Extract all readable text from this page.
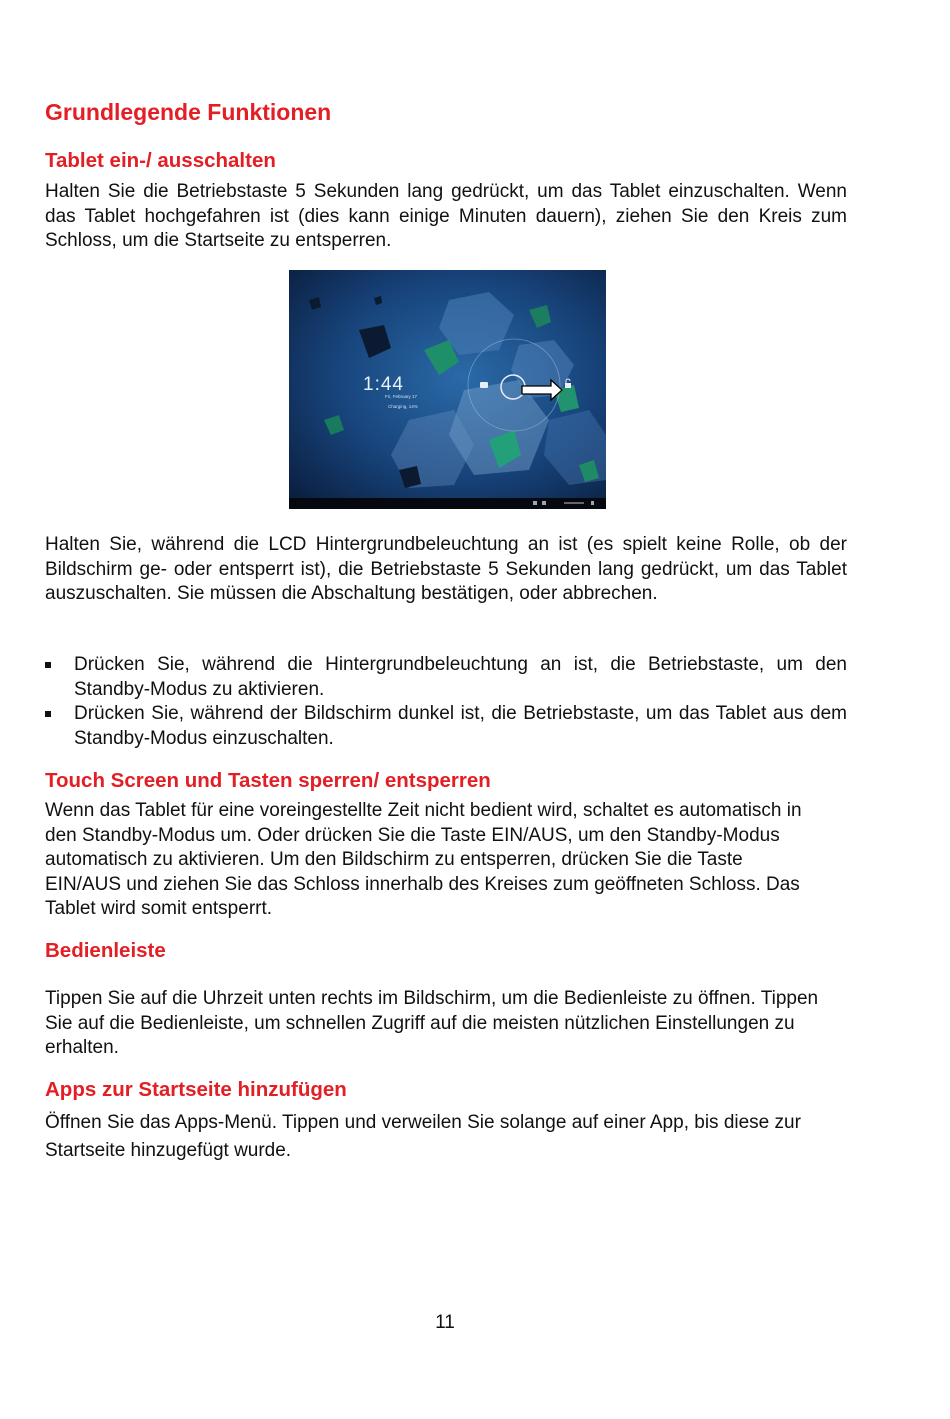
Grundlegende Funktionen
Tablet ein-/ ausschalten

Halten Sie die Betriebstaste 5 Sekunden lang gedrückt, um das Tablet einzuschalten. Wenn das Tablet hochgefahren ist (dies kann einige Minuten dauern), ziehen Sie den Kreis zum Schloss, um die Startseite zu entsperren.

1:44
Fri, February 17
Charging, 14%

Halten Sie, während die LCD Hintergrundbeleuchtung an ist (es spielt keine Rolle, ob der Bildschirm ge- oder entsperrt ist), die Betriebstaste 5 Sekunden lang gedrückt, um das Tablet auszuschalten. Sie müssen die Abschaltung bestätigen, oder abbrechen.

Drücken Sie, während die Hintergrundbeleuchtung an ist, die Betriebstaste, um den Standby-Modus zu aktivieren.
Drücken Sie, während der Bildschirm dunkel ist, die Betriebstaste, um das Tablet aus dem Standby-Modus einzuschalten.
Touch Screen und Tasten sperren/ entsperren

Wenn das Tablet für eine voreingestellte Zeit nicht bedient wird, schaltet es automatisch in den Standby-Modus um. Oder drücken Sie die Taste EIN/AUS, um den Standby-Modus automatisch zu aktivieren. Um den Bildschirm zu entsperren, drücken Sie die Taste EIN/AUS und ziehen Sie das Schloss innerhalb des Kreises zum geöffneten Schloss. Das Tablet wird somit entsperrt.

Bedienleiste

Tippen Sie auf die Uhrzeit unten rechts im Bildschirm, um die Bedienleiste zu öffnen. Tippen Sie auf die Bedienleiste, um schnellen Zugriff auf die meisten nützlichen Einstellungen zu erhalten.

Apps zur Startseite hinzufügen

Öffnen Sie das Apps-Menü. Tippen und verweilen Sie solange auf einer App, bis diese zur Startseite hinzugefügt wurde.

11
